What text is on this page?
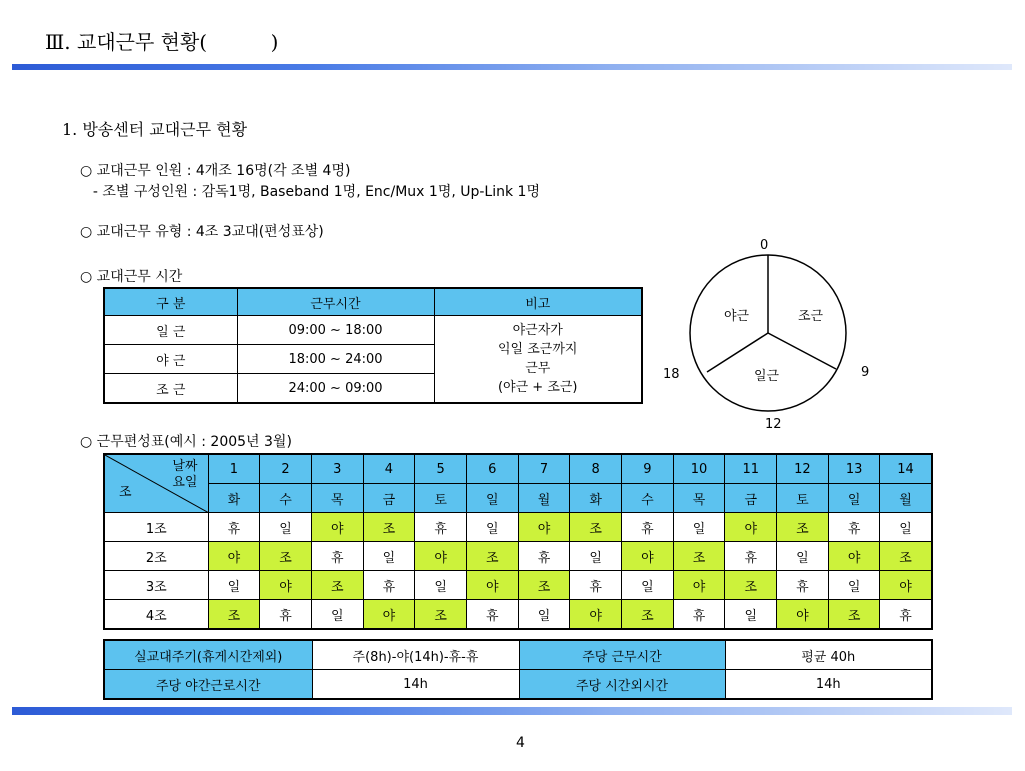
Ⅲ. 교대근무 현황(          )
1. 방송센터 교대근무 현황
○ 교대근무 인원 : 4개조 16명(각 조별 4명)
- 조별 구성인원 : 감독1명, Baseband 1명, Enc/Mux 1명, Up-Link 1명
○ 교대근무 유형 : 4조 3교대(편성표상)
○ 교대근무 시간
구 분	근무시간	비고
일 근	09:00 ~ 18:00	야근자가
익일 조근까지
근무
(야근 + 조근)

야 근	18:00 ~ 24:00	
조 근	24:00 ~ 09:00	
0
9
12
18
야근	조근
일근
○ 근무편성표(예시 : 2005년 3월)
날짜
요일
조	1	2	3	4	5	6	7	8	9	10	11	12	13	14
	화	수	목	금	토	일	월	화	수	목	금	토	일	월
1조	휴	일	야	조	휴	일	야	조	휴	일	야	조	휴	일
2조	야	조	휴	일	야	조	휴	일	야	조	휴	일	야	조
3조	일	야	조	휴	일	야	조	휴	일	야	조	휴	일	야
4조	조	휴	일	야	조	휴	일	야	조	휴	일	야	조	휴
실교대주기(휴게시간제외)	주(8h)-야(14h)-휴-휴	주당 근무시간	평균 40h
주당 야간근로시간	14h	주당 시간외시간	14h
4
